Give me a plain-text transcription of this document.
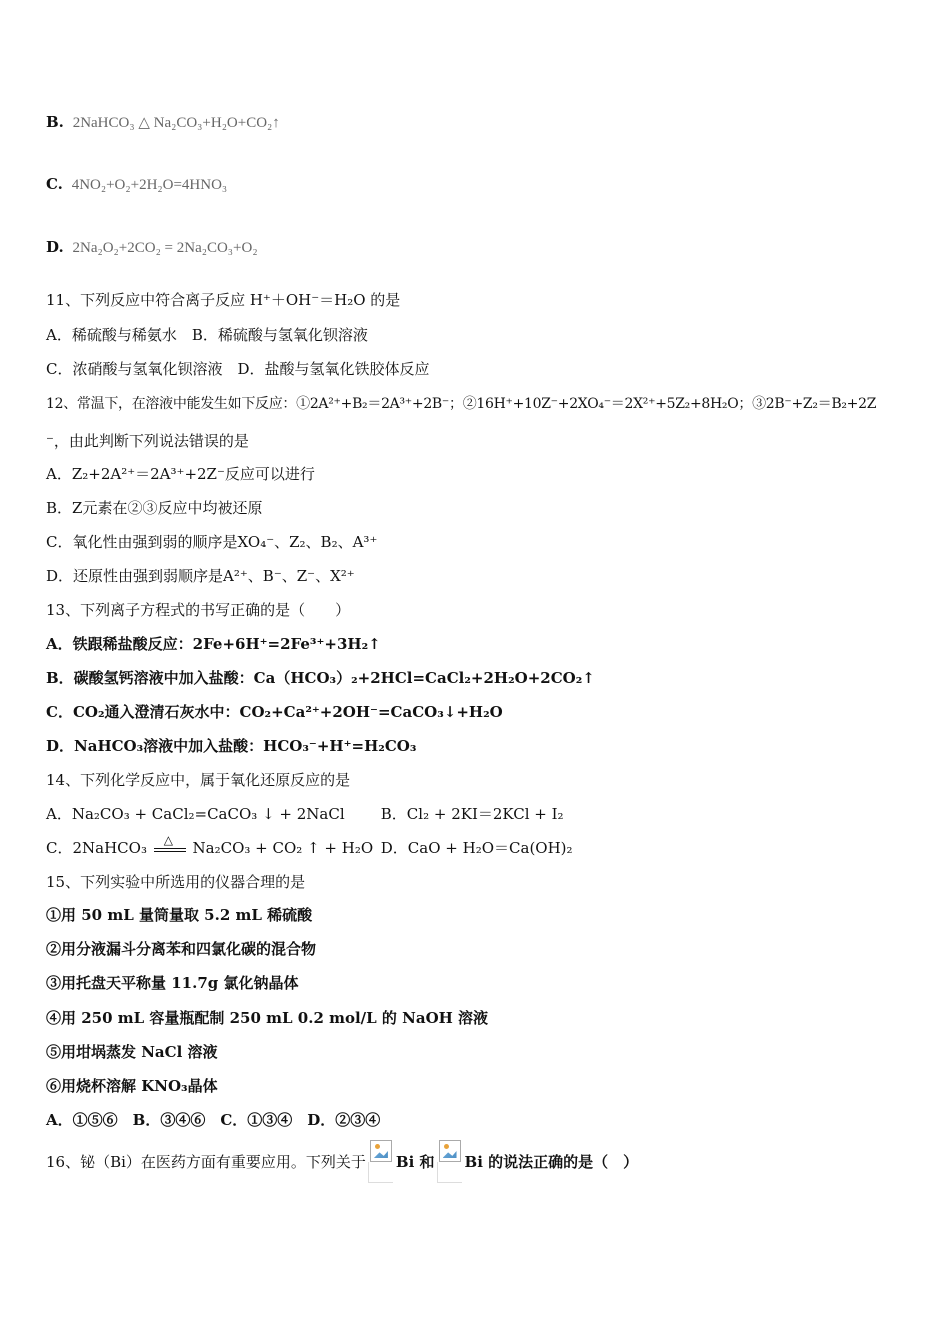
B. 2NaHCO₃ △ Na₂CO₃+H₂O+CO₂↑
C. 4NO₂+O₂+2H₂O=4HNO₃
D. 2Na₂O₂+2CO₂ = 2Na₂CO₃+O₂
11、下列反应中符合离子反应 H⁺＋OH⁻＝H₂O 的是
A．稀硫酸与稀氨水　B．稀硫酸与氢氧化钡溶液
C．浓硝酸与氢氧化钡溶液　D．盐酸与氢氧化铁胶体反应
12、常温下，在溶液中能发生如下反应：①2A²⁺+B₂＝2A³⁺+2B⁻；②16H⁺+10Z⁻+2XO₄⁻＝2X²⁺+5Z₂+8H₂O；③2B⁻+Z₂＝B₂+2Z
⁻，由此判断下列说法错误的是
A．Z₂+2A²⁺＝2A³⁺+2Z⁻反应可以进行
B．Z元素在②③反应中均被还原
C．氧化性由强到弱的顺序是XO₄⁻、Z₂、B₂、A³⁺
D．还原性由强到弱顺序是A²⁺、B⁻、Z⁻、X²⁺
13、下列离子方程式的书写正确的是（　　）
A．铁跟稀盐酸反应：2Fe+6H⁺=2Fe³⁺+3H₂↑
B．碳酸氢钙溶液中加入盐酸：Ca（HCO₃）₂+2HCl=CaCl₂+2H₂O+2CO₂↑
C．CO₂通入澄清石灰水中：CO₂+Ca²⁺+2OH⁻=CaCO₃↓+H₂O
D．NaHCO₃溶液中加入盐酸：HCO₃⁻+H⁺=H₂CO₃
14、下列化学反应中，属于氧化还原反应的是
A．Na₂CO₃ + CaCl₂=CaCO₃ ↓ + 2NaCl B．Cl₂ + 2KI＝2KCl + I₂
C．2NaHCO₃ △ Na₂CO₃ + CO₂ ↑ + H₂O D．CaO + H₂O＝Ca(OH)₂
15、下列实验中所选用的仪器合理的是
①用 50 mL 量筒量取 5.2 mL 稀硫酸
②用分液漏斗分离苯和四氯化碳的混合物
③用托盘天平称量 11.7g 氯化钠晶体
④用 250 mL 容量瓶配制 250 mL 0.2 mol/L 的 NaOH 溶液
⑤用坩埚蒸发 NaCl 溶液
⑥用烧杯溶解 KNO₃晶体
A．①⑤⑥　B．③④⑥　C．①③④　D．②③④
16、铋（Bi）在医药方面有重要应用。下列关于 Bi 和 Bi 的说法正确的是（　）
